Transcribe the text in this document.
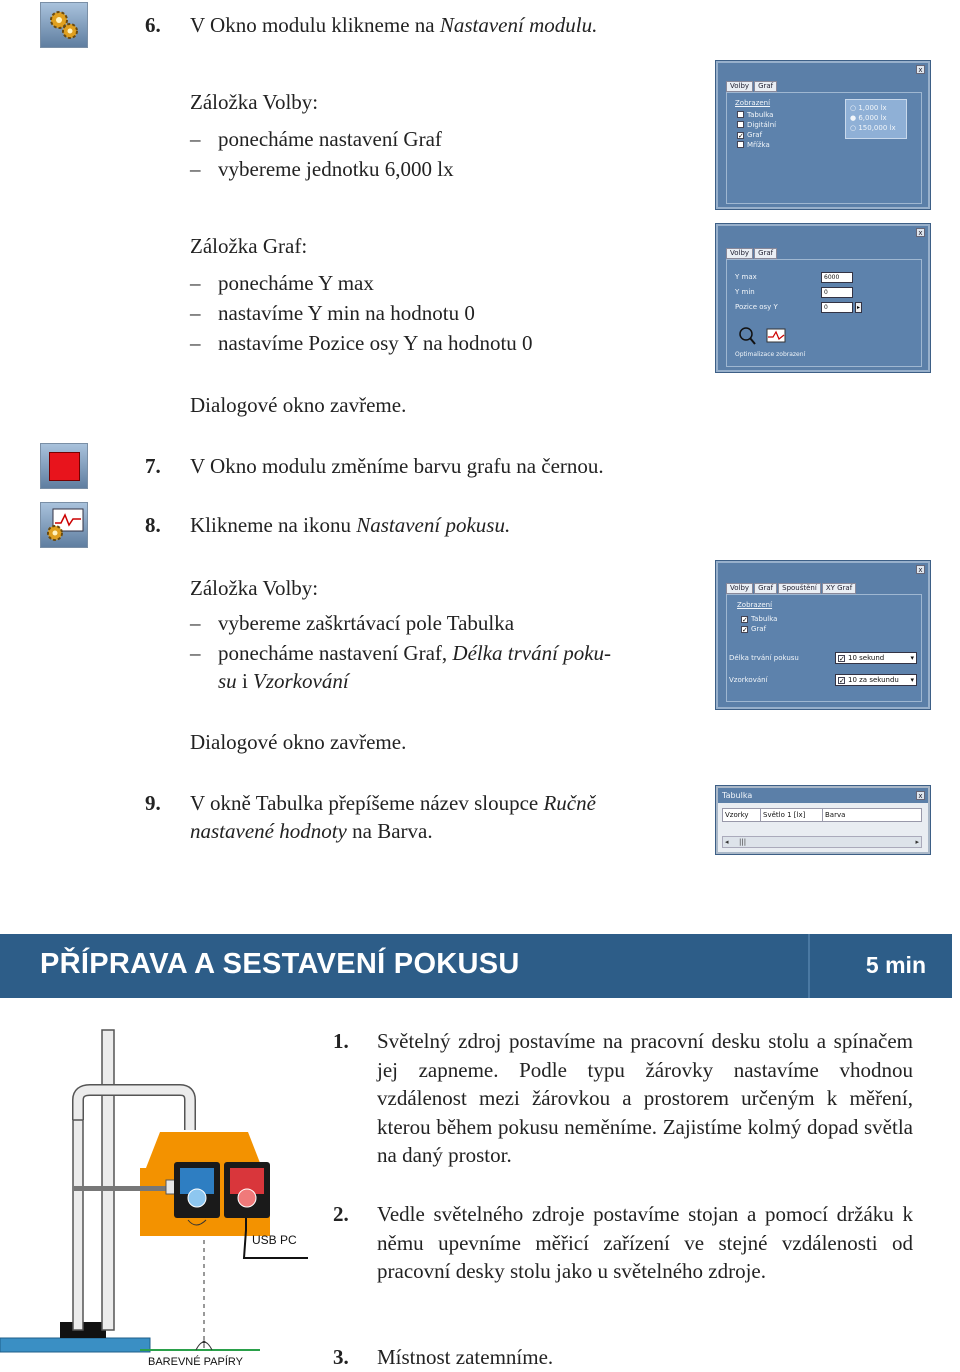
6. V Okno modulu klikneme na Nastavení modulu.
Záložka Volby:
– ponecháme nastavení Graf
– vybereme jednotku 6,000 lx
Záložka Graf:
– ponecháme Y max
– nastavíme Y min na hodnotu 0
– nastavíme Pozice osy Y na hodnotu 0
Dialogové okno zavřeme.
7. V Okno modulu změníme barvu grafu na černou.
8. Klikneme na ikonu Nastavení pokusu.
Záložka Volby:
– vybereme zaškrtávací pole Tabulka
– ponecháme nastavení Graf, Délka trvání poku-
su i Vzorkování
Dialogové okno zavřeme.
9. V okně Tabulka přepíšeme název sloupce Ručně
nastavené hodnoty na Barva.
x
Volby	Graf
Zobrazení
Tabulka
Digitální
✓ Graf
Mřížka
○ 1,000 lx
● 6,000 lx
○ 150,000 lx
x
Volby	Graf
Y max	6000
Y min	0
Pozice osy Y	0	▸
Optimalizace zobrazení
x
Volby	Graf	Spouštění	XY Graf
Zobrazení
✓ Tabulka
✓ Graf
Délka trvání pokusu	✓ 10 sekund	▾
Vzorkování	✓ 10 za sekundu ▾
Tabulka	x
Vzorky	Světlo 1 [lx]	Barva
◂ |||	▸
PŘÍPRAVA A SESTAVENÍ POKUSU	5 min
USB PC
BAREVNÉ PAPÍRY
1. Světelný zdroj postavíme na pracovní desku stolu a spínačem jej zapneme. Podle typu žárovky nastavíme vhodnou vzdálenost mezi žárovkou a prostorem určeným k měření, kterou během pokusu neměníme. Zajistíme kolmý dopad světla na daný prostor.
2. Vedle světelného zdroje postavíme stojan a pomocí držáku k němu upevníme měřicí zařízení ve stejné vzdálenosti od pracovní desky stolu jako u světelného zdroje.
3. Místnost zatemníme.
